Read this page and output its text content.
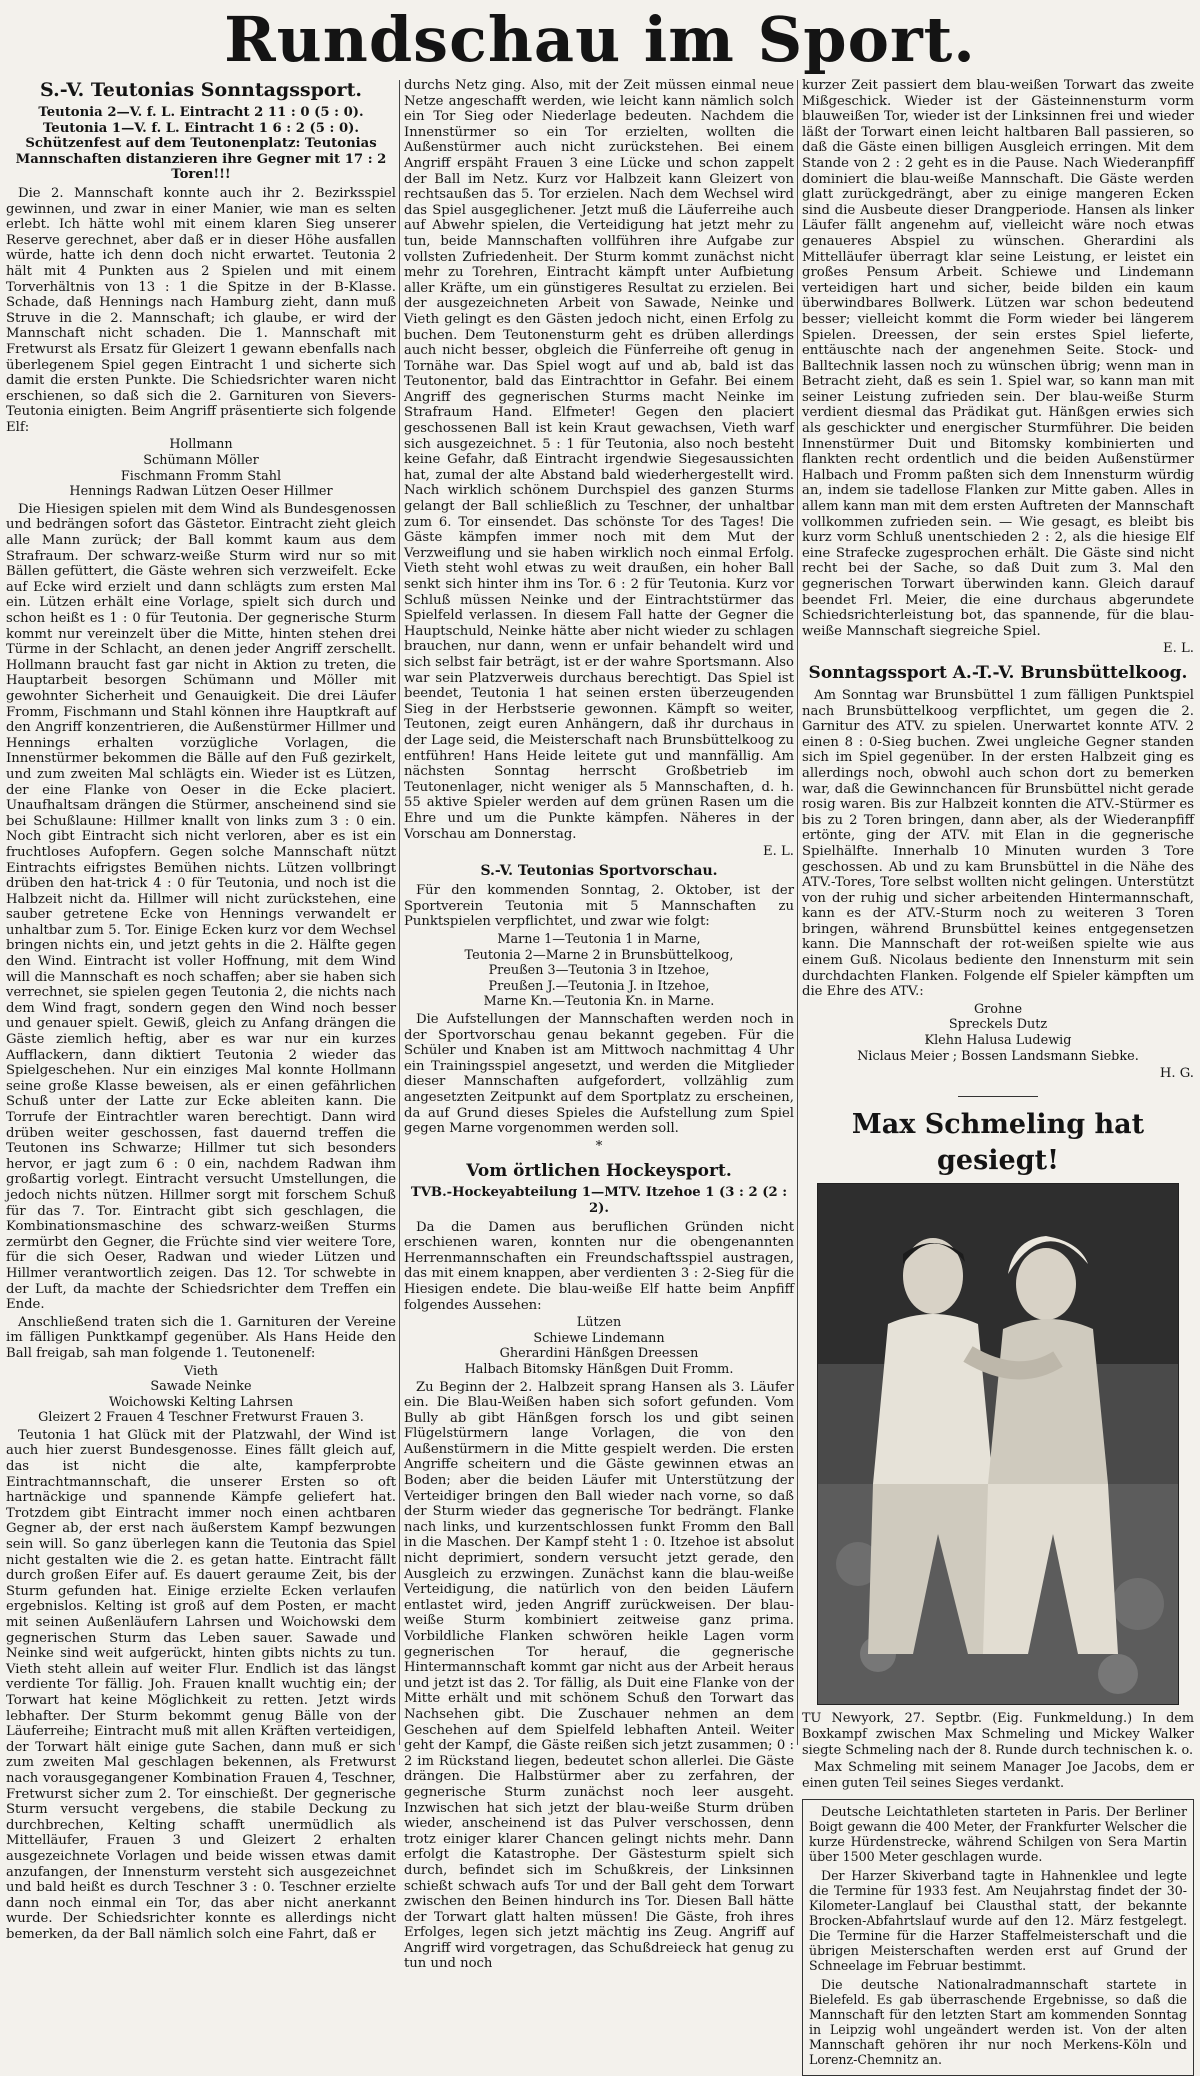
Rundschau im Sport.
S.-V. Teutonias Sonntagssport.
Teutonia 2—V. f. L. Eintracht 2 11 : 0 (5 : 0).
Teutonia 1—V. f. L. Eintracht 1 6 : 2 (5 : 0).
Schützenfest auf dem Teutonenplatz: Teutonias Mannschaften distanzieren ihre Gegner mit 17 : 2 Toren!!!

Die 2. Mannschaft konnte auch ihr 2. Bezirksspiel gewinnen, und zwar in einer Manier, wie man es selten erlebt. Ich hätte wohl mit einem klaren Sieg unserer Reserve gerechnet, aber daß er in dieser Höhe ausfallen würde, hatte ich denn doch nicht erwartet. Teutonia 2 hält mit 4 Punkten aus 2 Spielen und mit einem Torverhältnis von 13 : 1 die Spitze in der B-Klasse. Schade, daß Hennings nach Hamburg zieht, dann muß Struve in die 2. Mannschaft; ich glaube, er wird der Mannschaft nicht schaden. Die 1. Mannschaft mit Fretwurst als Ersatz für Gleizert 1 gewann ebenfalls nach überlegenem Spiel gegen Eintracht 1 und sicherte sich damit die ersten Punkte. Die Schiedsrichter waren nicht erschienen, so daß sich die 2. Garnituren von Sievers-Teutonia einigten. Beim Angriff präsentierte sich folgende Elf:

Hollmann
Schümann Möller
Fischmann Fromm Stahl
Hennings Radwan Lützen Oeser Hillmer

Die Hiesigen spielen mit dem Wind als Bundesgenossen und bedrängen sofort das Gästetor. Eintracht zieht gleich alle Mann zurück; der Ball kommt kaum aus dem Strafraum. Der schwarz-weiße Sturm wird nur so mit Bällen gefüttert, die Gäste wehren sich verzweifelt. Ecke auf Ecke wird erzielt und dann schlägts zum ersten Mal ein. Lützen erhält eine Vorlage, spielt sich durch und schon heißt es 1 : 0 für Teutonia. Der gegnerische Sturm kommt nur vereinzelt über die Mitte, hinten stehen drei Türme in der Schlacht, an denen jeder Angriff zerschellt. Hollmann braucht fast gar nicht in Aktion zu treten, die Hauptarbeit besorgen Schümann und Möller mit gewohnter Sicherheit und Genauigkeit. Die drei Läufer Fromm, Fischmann und Stahl können ihre Hauptkraft auf den Angriff konzentrieren, die Außenstürmer Hillmer und Hennings erhalten vorzügliche Vorlagen, die Innenstürmer bekommen die Bälle auf den Fuß gezirkelt, und zum zweiten Mal schlägts ein. Wieder ist es Lützen, der eine Flanke von Oeser in die Ecke placiert. Unaufhaltsam drängen die Stürmer, anscheinend sind sie bei Schußlaune: Hillmer knallt von links zum 3 : 0 ein. Noch gibt Eintracht sich nicht verloren, aber es ist ein fruchtloses Aufopfern. Gegen solche Mannschaft nützt Eintrachts eifrigstes Bemühen nichts. Lützen vollbringt drüben den hat-trick 4 : 0 für Teutonia, und noch ist die Halbzeit nicht da. Hillmer will nicht zurückstehen, eine sauber getretene Ecke von Hennings verwandelt er unhaltbar zum 5. Tor. Einige Ecken kurz vor dem Wechsel bringen nichts ein, und jetzt gehts in die 2. Hälfte gegen den Wind. Eintracht ist voller Hoffnung, mit dem Wind will die Mannschaft es noch schaffen; aber sie haben sich verrechnet, sie spielen gegen Teutonia 2, die nichts nach dem Wind fragt, sondern gegen den Wind noch besser und genauer spielt. Gewiß, gleich zu Anfang drängen die Gäste ziemlich heftig, aber es war nur ein kurzes Aufflackern, dann diktiert Teutonia 2 wieder das Spielgeschehen. Nur ein einziges Mal konnte Hollmann seine große Klasse beweisen, als er einen gefährlichen Schuß unter der Latte zur Ecke ableiten kann. Die Torrufe der Eintrachtler waren berechtigt. Dann wird drüben weiter geschossen, fast dauernd treffen die Teutonen ins Schwarze; Hillmer tut sich besonders hervor, er jagt zum 6 : 0 ein, nachdem Radwan ihm großartig vorlegt. Eintracht versucht Umstellungen, die jedoch nichts nützen. Hillmer sorgt mit forschem Schuß für das 7. Tor. Eintracht gibt sich geschlagen, die Kombinationsmaschine des schwarz-weißen Sturms zermürbt den Gegner, die Früchte sind vier weitere Tore, für die sich Oeser, Radwan und wieder Lützen und Hillmer verantwortlich zeigen. Das 12. Tor schwebte in der Luft, da machte der Schiedsrichter dem Treffen ein Ende.

Anschließend traten sich die 1. Garnituren der Vereine im fälligen Punktkampf gegenüber. Als Hans Heide den Ball freigab, sah man folgende 1. Teutonenelf:

Vieth
Sawade Neinke
Woichowski Kelting Lahrsen
Gleizert 2 Frauen 4 Teschner Fretwurst Frauen 3.

Teutonia 1 hat Glück mit der Platzwahl, der Wind ist auch hier zuerst Bundesgenosse. Eines fällt gleich auf, das ist nicht die alte, kampferprobte Eintrachtmannschaft, die unserer Ersten so oft hartnäckige und spannende Kämpfe geliefert hat. Trotzdem gibt Eintracht immer noch einen achtbaren Gegner ab, der erst nach äußerstem Kampf bezwungen sein will. So ganz überlegen kann die Teutonia das Spiel nicht gestalten wie die 2. es getan hatte. Eintracht fällt durch großen Eifer auf. Es dauert geraume Zeit, bis der Sturm gefunden hat. Einige erzielte Ecken verlaufen ergebnislos. Kelting ist groß auf dem Posten, er macht mit seinen Außenläufern Lahrsen und Woichowski dem gegnerischen Sturm das Leben sauer. Sawade und Neinke sind weit aufgerückt, hinten gibts nichts zu tun. Vieth steht allein auf weiter Flur. Endlich ist das längst verdiente Tor fällig. Joh. Frauen knallt wuchtig ein; der Torwart hat keine Möglichkeit zu retten. Jetzt wirds lebhafter. Der Sturm bekommt genug Bälle von der Läuferreihe; Eintracht muß mit allen Kräften verteidigen, der Torwart hält einige gute Sachen, dann muß er sich zum zweiten Mal geschlagen bekennen, als Fretwurst nach vorausgegangener Kombination Frauen 4, Teschner, Fretwurst sicher zum 2. Tor einschießt. Der gegnerische Sturm versucht vergebens, die stabile Deckung zu durchbrechen, Kelting schafft unermüdlich als Mittelläufer, Frauen 3 und Gleizert 2 erhalten ausgezeichnete Vorlagen und beide wissen etwas damit anzufangen, der Innensturm versteht sich ausgezeichnet und bald heißt es durch Teschner 3 : 0. Teschner erzielte dann noch einmal ein Tor, das aber nicht anerkannt wurde. Der Schiedsrichter konnte es allerdings nicht bemerken, da der Ball nämlich solch eine Fahrt, daß er

durchs Netz ging. Also, mit der Zeit müssen einmal neue Netze angeschafft werden, wie leicht kann nämlich solch ein Tor Sieg oder Niederlage bedeuten. Nachdem die Innenstürmer so ein Tor erzielten, wollten die Außenstürmer auch nicht zurückstehen. Bei einem Angriff erspäht Frauen 3 eine Lücke und schon zappelt der Ball im Netz. Kurz vor Halbzeit kann Gleizert von rechtsaußen das 5. Tor erzielen. Nach dem Wechsel wird das Spiel ausgeglichener. Jetzt muß die Läuferreihe auch auf Abwehr spielen, die Verteidigung hat jetzt mehr zu tun, beide Mannschaften vollführen ihre Aufgabe zur vollsten Zufriedenheit. Der Sturm kommt zunächst nicht mehr zu Torehren, Eintracht kämpft unter Aufbietung aller Kräfte, um ein günstigeres Resultat zu erzielen. Bei der ausgezeichneten Arbeit von Sawade, Neinke und Vieth gelingt es den Gästen jedoch nicht, einen Erfolg zu buchen. Dem Teutonensturm geht es drüben allerdings auch nicht besser, obgleich die Fünferreihe oft genug in Tornähe war. Das Spiel wogt auf und ab, bald ist das Teutonentor, bald das Eintrachttor in Gefahr. Bei einem Angriff des gegnerischen Sturms macht Neinke im Strafraum Hand. Elfmeter! Gegen den placiert geschossenen Ball ist kein Kraut gewachsen, Vieth warf sich ausgezeichnet. 5 : 1 für Teutonia, also noch besteht keine Gefahr, daß Eintracht irgendwie Siegesaussichten hat, zumal der alte Abstand bald wiederhergestellt wird. Nach wirklich schönem Durchspiel des ganzen Sturms gelangt der Ball schließlich zu Teschner, der unhaltbar zum 6. Tor einsendet. Das schönste Tor des Tages! Die Gäste kämpfen immer noch mit dem Mut der Verzweiflung und sie haben wirklich noch einmal Erfolg. Vieth steht wohl etwas zu weit draußen, ein hoher Ball senkt sich hinter ihm ins Tor. 6 : 2 für Teutonia. Kurz vor Schluß müssen Neinke und der Eintrachtstürmer das Spielfeld verlassen. In diesem Fall hatte der Gegner die Hauptschuld, Neinke hätte aber nicht wieder zu schlagen brauchen, nur dann, wenn er unfair behandelt wird und sich selbst fair beträgt, ist er der wahre Sportsmann. Also war sein Platzverweis durchaus berechtigt. Das Spiel ist beendet, Teutonia 1 hat seinen ersten überzeugenden Sieg in der Herbstserie gewonnen. Kämpft so weiter, Teutonen, zeigt euren Anhängern, daß ihr durchaus in der Lage seid, die Meisterschaft nach Brunsbüttelkoog zu entführen! Hans Heide leitete gut und mannfällig. Am nächsten Sonntag herrscht Großbetrieb im Teutonenlager, nicht weniger als 5 Mannschaften, d. h. 55 aktive Spieler werden auf dem grünen Rasen um die Ehre und um die Punkte kämpfen. Näheres in der Vorschau am Donnerstag.

E. L.
S.-V. Teutonias Sportvorschau.

Für den kommenden Sonntag, 2. Oktober, ist der Sportverein Teutonia mit 5 Mannschaften zu Punktspielen verpflichtet, und zwar wie folgt:

Marne 1—Teutonia 1 in Marne,
Teutonia 2—Marne 2 in Brunsbüttelkoog,
Preußen 3—Teutonia 3 in Itzehoe,
Preußen J.—Teutonia J. in Itzehoe,
Marne Kn.—Teutonia Kn. in Marne.

Die Aufstellungen der Mannschaften werden noch in der Sportvorschau genau bekannt gegeben. Für die Schüler und Knaben ist am Mittwoch nachmittag 4 Uhr ein Trainingsspiel angesetzt, und werden die Mitglieder dieser Mannschaften aufgefordert, vollzählig zum angesetzten Zeitpunkt auf dem Sportplatz zu erscheinen, da auf Grund dieses Spieles die Aufstellung zum Spiel gegen Marne vorgenommen werden soll.

*
Vom örtlichen Hockeysport.
TVB.-Hockeyabteilung 1—MTV. Itzehoe 1 (3 : 2 (2 : 2).

Da die Damen aus beruflichen Gründen nicht erschienen waren, konnten nur die obengenannten Herrenmannschaften ein Freundschaftsspiel austragen, das mit einem knappen, aber verdienten 3 : 2-Sieg für die Hiesigen endete. Die blau-weiße Elf hatte beim Anpfiff folgendes Aussehen:

Lützen
Schiewe Lindemann
Gherardini Hänßgen Dreessen
Halbach Bitomsky Hänßgen Duit Fromm.

Zu Beginn der 2. Halbzeit sprang Hansen als 3. Läufer ein. Die Blau-Weißen haben sich sofort gefunden. Vom Bully ab gibt Hänßgen forsch los und gibt seinen Flügelstürmern lange Vorlagen, die von den Außenstürmern in die Mitte gespielt werden. Die ersten Angriffe scheitern und die Gäste gewinnen etwas an Boden; aber die beiden Läufer mit Unterstützung der Verteidiger bringen den Ball wieder nach vorne, so daß der Sturm wieder das gegnerische Tor bedrängt. Flanke nach links, und kurzentschlossen funkt Fromm den Ball in die Maschen. Der Kampf steht 1 : 0. Itzehoe ist absolut nicht deprimiert, sondern versucht jetzt gerade, den Ausgleich zu erzwingen. Zunächst kann die blau-weiße Verteidigung, die natürlich von den beiden Läufern entlastet wird, jeden Angriff zurückweisen. Der blau-weiße Sturm kombiniert zeitweise ganz prima. Vorbildliche Flanken schwören heikle Lagen vorm gegnerischen Tor herauf, die gegnerische Hintermannschaft kommt gar nicht aus der Arbeit heraus und jetzt ist das 2. Tor fällig, als Duit eine Flanke von der Mitte erhält und mit schönem Schuß den Torwart das Nachsehen gibt. Die Zuschauer nehmen an dem Geschehen auf dem Spielfeld lebhaften Anteil. Weiter geht der Kampf, die Gäste reißen sich jetzt zusammen; 0 : 2 im Rückstand liegen, bedeutet schon allerlei. Die Gäste drängen. Die Halbstürmer aber zu zerfahren, der gegnerische Sturm zunächst noch leer ausgeht. Inzwischen hat sich jetzt der blau-weiße Sturm drüben wieder, anscheinend ist das Pulver verschossen, denn trotz einiger klarer Chancen gelingt nichts mehr. Dann erfolgt die Katastrophe. Der Gästesturm spielt sich durch, befindet sich im Schußkreis, der Linksinnen schießt schwach aufs Tor und der Ball geht dem Torwart zwischen den Beinen hindurch ins Tor. Diesen Ball hätte der Torwart glatt halten müssen! Die Gäste, froh ihres Erfolges, legen sich jetzt mächtig ins Zeug. Angriff auf Angriff wird vorgetragen, das Schußdreieck hat genug zu tun und noch

kurzer Zeit passiert dem blau-weißen Torwart das zweite Mißgeschick. Wieder ist der Gästeinnensturm vorm blauweißen Tor, wieder ist der Linksinnen frei und wieder läßt der Torwart einen leicht haltbaren Ball passieren, so daß die Gäste einen billigen Ausgleich erringen. Mit dem Stande von 2 : 2 geht es in die Pause. Nach Wiederanpfiff dominiert die blau-weiße Mannschaft. Die Gäste werden glatt zurückgedrängt, aber zu einige mangeren Ecken sind die Ausbeute dieser Drangperiode. Hansen als linker Läufer fällt angenehm auf, vielleicht wäre noch etwas genaueres Abspiel zu wünschen. Gherardini als Mittelläufer überragt klar seine Leistung, er leistet ein großes Pensum Arbeit. Schiewe und Lindemann verteidigen hart und sicher, beide bilden ein kaum überwindbares Bollwerk. Lützen war schon bedeutend besser; vielleicht kommt die Form wieder bei längerem Spielen. Dreessen, der sein erstes Spiel lieferte, enttäuschte nach der angenehmen Seite. Stock- und Balltechnik lassen noch zu wünschen übrig; wenn man in Betracht zieht, daß es sein 1. Spiel war, so kann man mit seiner Leistung zufrieden sein. Der blau-weiße Sturm verdient diesmal das Prädikat gut. Hänßgen erwies sich als geschickter und energischer Sturmführer. Die beiden Innenstürmer Duit und Bitomsky kombinierten und flankten recht ordentlich und die beiden Außenstürmer Halbach und Fromm paßten sich dem Innensturm würdig an, indem sie tadellose Flanken zur Mitte gaben. Alles in allem kann man mit dem ersten Auftreten der Mannschaft vollkommen zufrieden sein. — Wie gesagt, es bleibt bis kurz vorm Schluß unentschieden 2 : 2, als die hiesige Elf eine Strafecke zugesprochen erhält. Die Gäste sind nicht recht bei der Sache, so daß Duit zum 3. Mal den gegnerischen Torwart überwinden kann. Gleich darauf beendet Frl. Meier, die eine durchaus abgerundete Schiedsrichterleistung bot, das spannende, für die blau-weiße Mannschaft siegreiche Spiel.

E. L.
Sonntagssport A.-T.-V. Brunsbüttelkoog.

Am Sonntag war Brunsbüttel 1 zum fälligen Punktspiel nach Brunsbüttelkoog verpflichtet, um gegen die 2. Garnitur des ATV. zu spielen. Unerwartet konnte ATV. 2 einen 8 : 0-Sieg buchen. Zwei ungleiche Gegner standen sich im Spiel gegenüber. In der ersten Halbzeit ging es allerdings noch, obwohl auch schon dort zu bemerken war, daß die Gewinnchancen für Brunsbüttel nicht gerade rosig waren. Bis zur Halbzeit konnten die ATV.-Stürmer es bis zu 2 Toren bringen, dann aber, als der Wiederanpfiff ertönte, ging der ATV. mit Elan in die gegnerische Spielhälfte. Innerhalb 10 Minuten wurden 3 Tore geschossen. Ab und zu kam Brunsbüttel in die Nähe des ATV.-Tores, Tore selbst wollten nicht gelingen. Unterstützt von der ruhig und sicher arbeitenden Hintermannschaft, kann es der ATV.-Sturm noch zu weiteren 3 Toren bringen, während Brunsbüttel keines entgegensetzen kann. Die Mannschaft der rot-weißen spielte wie aus einem Guß. Nicolaus bediente den Innensturm mit sein durchdachten Flanken. Folgende elf Spieler kämpften um die Ehre des ATV.:

Grohne
Spreckels Dutz
Klehn Halusa Ludewig
Niclaus Meier ; Bossen Landsmann Siebke.
H. G.
Max Schmeling hat gesiegt!

TU Newyork, 27. Septbr. (Eig. Funkmeldung.) In dem Boxkampf zwischen Max Schmeling und Mickey Walker siegte Schmeling nach der 8. Runde durch technischen k. o.

Max Schmeling mit seinem Manager Joe Jacobs, dem er einen guten Teil seines Sieges verdankt.

Deutsche Leichtathleten starteten in Paris. Der Berliner Boigt gewann die 400 Meter, der Frankfurter Welscher die kurze Hürdenstrecke, während Schilgen von Sera Martin über 1500 Meter geschlagen wurde.

Der Harzer Skiverband tagte in Hahnenklee und legte die Termine für 1933 fest. Am Neujahrstag findet der 30-Kilometer-Langlauf bei Clausthal statt, der bekannte Brocken-Abfahrtslauf wurde auf den 12. März festgelegt. Die Termine für die Harzer Staffelmeisterschaft und die übrigen Meisterschaften werden erst auf Grund der Schneelage im Februar bestimmt.

Die deutsche Nationalradmannschaft startete in Bielefeld. Es gab überraschende Ergebnisse, so daß die Mannschaft für den letzten Start am kommenden Sonntag in Leipzig wohl ungeändert werden ist. Von der alten Mannschaft gehören ihr nur noch Merkens-Köln und Lorenz-Chemnitz an.
